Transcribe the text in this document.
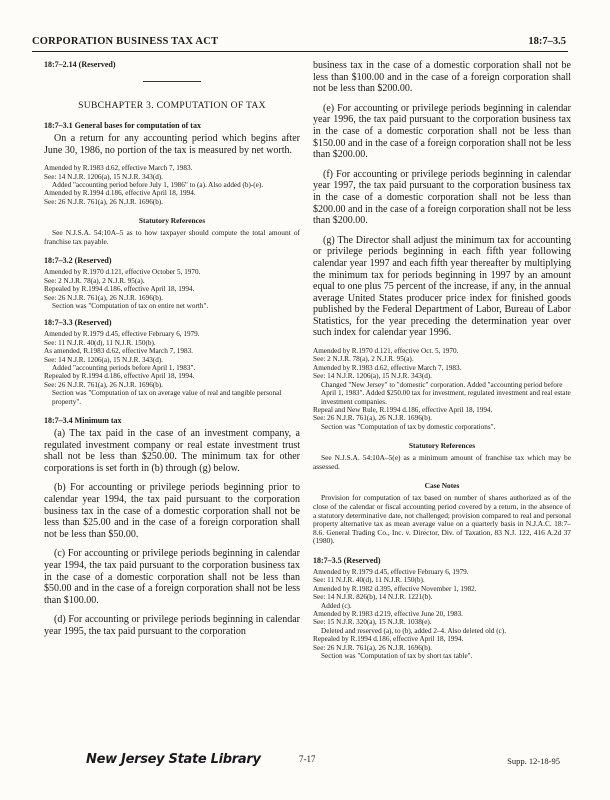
CORPORATION BUSINESS TAX ACT	18:7–3.5
18:7–2.14 (Reserved)
SUBCHAPTER 3. COMPUTATION OF TAX
18:7–3.1 General bases for computation of tax

On a return for any accounting period which begins after June 30, 1986, no portion of the tax is measured by net worth.

Amended by R.1983 d.62, effective March 7, 1983.

See: 14 N.J.R. 1206(a), 15 N.J.R. 343(d).

Added "accounting period before July 1, 1986" to (a). Also added (b)-(e).

Amended by R.1994 d.186, effective April 18, 1994.

See: 26 N.J.R. 761(a), 26 N.J.R. 1696(b).

Statutory References

See N.J.S.A. 54:10A–5 as to how taxpayer should compute the total amount of franchise tax payable.

18:7–3.2 (Reserved)

Amended by R.1970 d.121, effective October 5, 1970.

See: 2 N.J.R. 78(a), 2 N.J.R. 95(a).

Repealed by R.1994 d.186, effective April 18, 1994.

See: 26 N.J.R. 761(a), 26 N.J.R. 1696(b).

Section was "Computation of tax on entire net worth".

18:7–3.3 (Reserved)

Amended by R.1979 d.45, effective February 6, 1979.

See: 11 N.J.R. 40(d), 11 N.J.R. 150(b).

As amended, R.1983 d.62, effective March 7, 1983.

See: 14 N.J.R. 1206(a), 15 N.J.R. 343(d).

Added "accounting periods before April 1, 1983".

Repealed by R.1994 d.186, effective April 18, 1994.

See: 26 N.J.R. 761(a), 26 N.J.R. 1696(b).

Section was "Computation of tax on average value of real and tangible personal property".

18:7–3.4 Minimum tax

(a) The tax paid in the case of an investment company, a regulated investment company or real estate investment trust shall not be less than $250.00. The minimum tax for other corporations is set forth in (b) through (g) below.

(b) For accounting or privilege periods beginning prior to calendar year 1994, the tax paid pursuant to the corporation business tax in the case of a domestic corporation shall not be less than $25.00 and in the case of a foreign corporation shall not be less than $50.00.

(c) For accounting or privilege periods beginning in calendar year 1994, the tax paid pursuant to the corporation business tax in the case of a domestic corporation shall not be less than $50.00 and in the case of a foreign corporation shall not be less than $100.00.

(d) For accounting or privilege periods beginning in calendar year 1995, the tax paid pursuant to the corporation

business tax in the case of a domestic corporation shall not be less than $100.00 and in the case of a foreign corporation shall not be less than $200.00.

(e) For accounting or privilege periods beginning in calendar year 1996, the tax paid pursuant to the corporation business tax in the case of a domestic corporation shall not be less than $150.00 and in the case of a foreign corporation shall not be less than $200.00.

(f) For accounting or privilege periods beginning in calendar year 1997, the tax paid pursuant to the corporation business tax in the case of a domestic corporation shall not be less than $200.00 and in the case of a foreign corporation shall not be less than $200.00.

(g) The Director shall adjust the minimum tax for accounting or privilege periods beginning in each fifth year following calendar year 1997 and each fifth year thereafter by multiplying the minimum tax for periods beginning in 1997 by an amount equal to one plus 75 percent of the increase, if any, in the annual average United States producer price index for finished goods published by the Federal Department of Labor, Bureau of Labor Statistics, for the year preceding the determination year over such index for calendar year 1996.

Amended by R.1970 d.121, effective Oct. 5, 1970.

See: 2 N.J.R. 78(a), 2 N.J.R. 95(a).

Amended by R.1983 d.62, effective March 7, 1983.

See: 14 N.J.R. 1206(a), 15 N.J.R. 343(d).

Changed "New Jersey" to "domestic" corporation. Added "accounting period before April 1, 1983". Added $250.00 tax for investment, regulated investment and real estate investment companies.

Repeal and New Rule, R.1994 d.186, effective April 18, 1994.

See: 26 N.J.R. 761(a), 26 N.J.R. 1696(b).

Section was "Computation of tax by domestic corporations".

Statutory References

See N.J.S.A. 54:10A–5(e) as a minimum amount of franchise tax which may be assessed.

Case Notes

Provision for computation of tax based on number of shares authorized as of the close of the calendar or fiscal accounting period covered by a return, in the absence of a statutory determinative date, not challenged; provision compared to real and personal property alternative tax as mean average value on a quarterly basis in N.J.A.C. 18:7–8.6. General Trading Co., Inc. v. Director, Div. of Taxation, 83 N.J. 122, 416 A.2d 37 (1980).

18:7–3.5 (Reserved)

Amended by R.1979 d.45, effective February 6, 1979.

See: 11 N.J.R. 40(d), 11 N.J.R. 150(b).

Amended by R.1982 d.395, effective November 1, 1982.

See: 14 N.J.R. 826(b), 14 N.J.R. 1221(b).

Added (c).

Amended by R.1983 d.219, effective June 20, 1983.

See: 15 N.J.R. 320(a), 15 N.J.R. 1038(e).

Deleted and reserved (a), to (b), added 2–4. Also deleted old (c).

Repealed by R.1994 d.186, effective April 18, 1994.

See: 26 N.J.R. 761(a), 26 N.J.R. 1696(b).

Section was "Computation of tax by short tax table".

New Jersey State Library	7-17	Supp. 12-18-95
